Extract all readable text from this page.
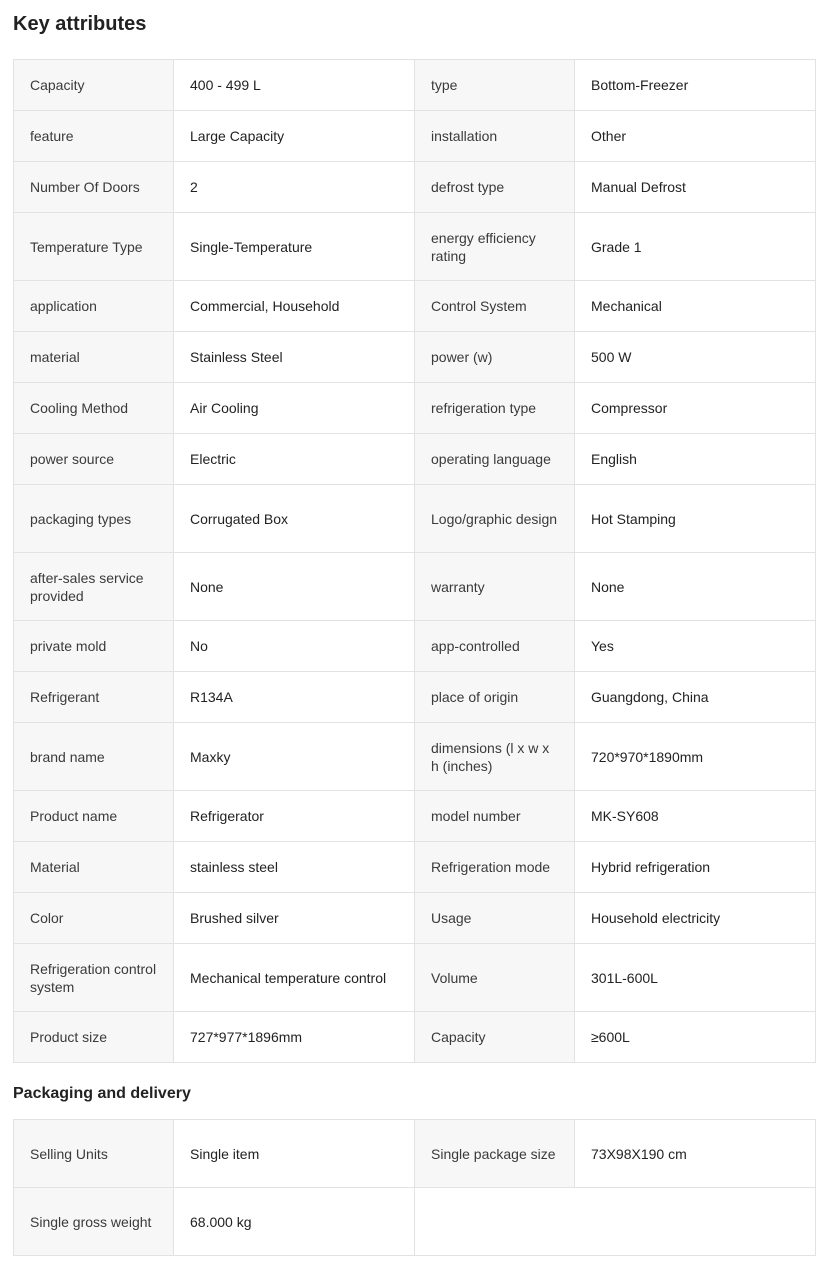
Key attributes
Capacity	400 - 499 L	type	Bottom-Freezer
feature	Large Capacity	installation	Other
Number Of Doors	2	defrost type	Manual Defrost
Temperature Type	Single-Temperature	energy efficiency rating	Grade 1
application	Commercial, Household	Control System	Mechanical
material	Stainless Steel	power (w)	500 W
Cooling Method	Air Cooling	refrigeration type	Compressor
power source	Electric	operating language	English
packaging types	Corrugated Box	Logo/graphic design	Hot Stamping
after-sales service provided	None	warranty	None
private mold	No	app-controlled	Yes
Refrigerant	R134A	place of origin	Guangdong, China
brand name	Maxky	dimensions (l x w x h (inches)	720*970*1890mm
Product name	Refrigerator	model number	MK-SY608
Material	stainless steel	Refrigeration mode	Hybrid refrigeration
Color	Brushed silver	Usage	Household electricity
Refrigeration control system	Mechanical temperature control	Volume	301L-600L
Product size	727*977*1896mm	Capacity	≥600L
Packaging and delivery
Selling Units	Single item	Single package size	73X98X190 cm
Single gross weight	68.000 kg		
